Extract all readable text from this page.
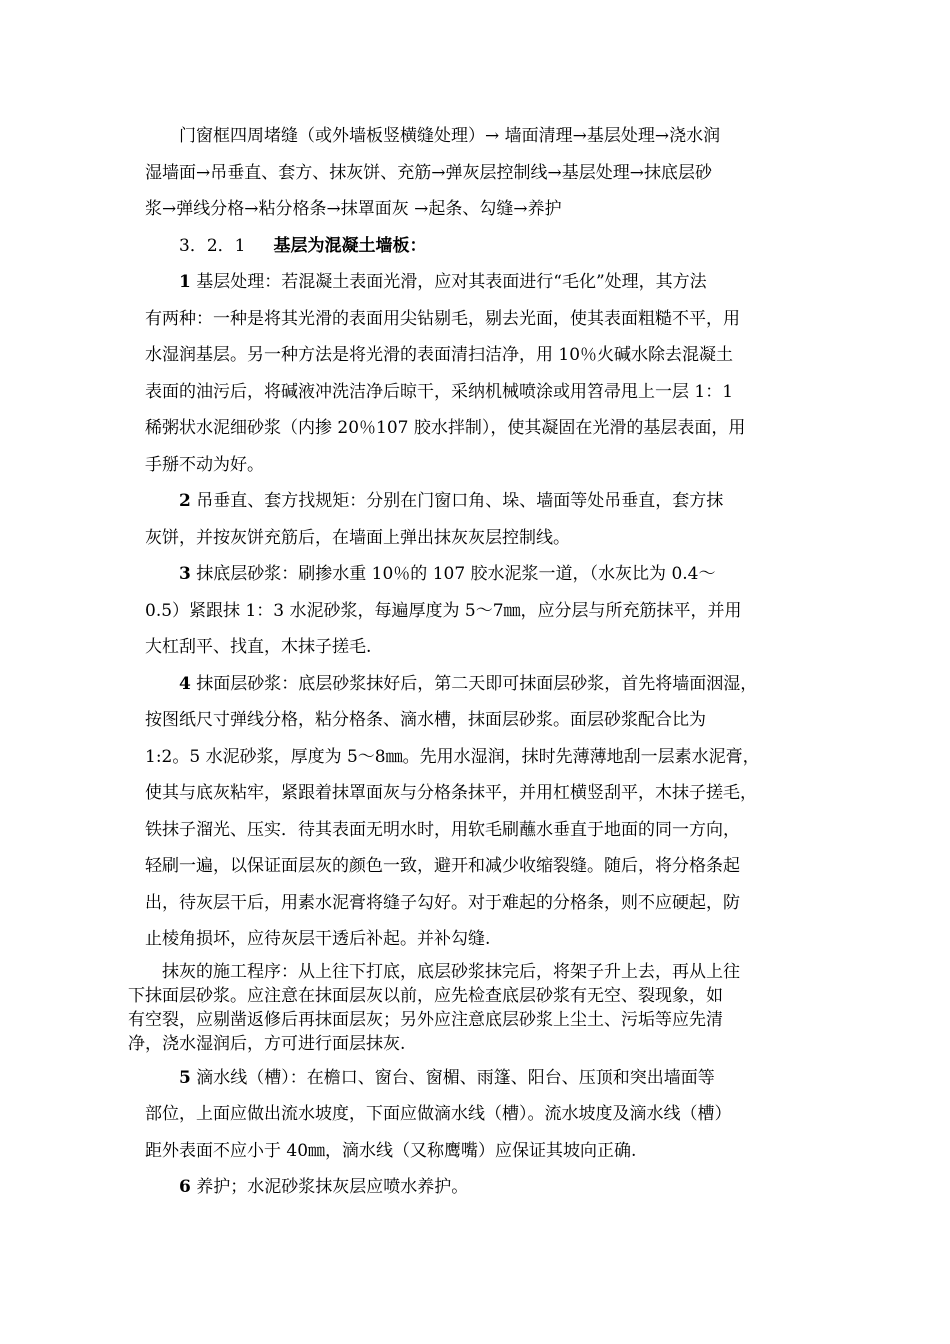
门窗框四周堵缝（或外墙板竖横缝处理）→ 墙面清理→基层处理→浇水润
湿墙面→吊垂直、套方、抹灰饼、充筋→弹灰层控制线→基层处理→抹底层砂
浆→弹线分格→粘分格条→抹罩面灰 →起条、勾缝→养护

3．2．1 基层为混凝土墙板：

1 基层处理：若混凝土表面光滑，应对其表面进行“毛化”处理，其方法
有两种：一种是将其光滑的表面用尖钻剔毛，剔去光面，使其表面粗糙不平，用
水湿润基层。另一种方法是将光滑的表面清扫洁净，用 10％火碱水除去混凝土
表面的油污后，将碱液冲洗洁净后晾干，采纳机械喷涂或用笤帚甩上一层 1：1
稀粥状水泥细砂浆（内掺 20％107 胶水拌制），使其凝固在光滑的基层表面，用
手掰不动为好。

2 吊垂直、套方找规矩：分别在门窗口角、垛、墙面等处吊垂直，套方抹
灰饼，并按灰饼充筋后，在墙面上弹出抹灰灰层控制线。

3 抹底层砂浆：刷掺水重 10％的 107 胶水泥浆一道，（水灰比为 0.4～
0.5）紧跟抹 1：3 水泥砂浆，每遍厚度为 5～7㎜，应分层与所充筋抹平，并用
大杠刮平、找直，木抹子搓毛.

4 抹面层砂浆：底层砂浆抹好后，第二天即可抹面层砂浆，首先将墙面洇湿，
按图纸尺寸弹线分格，粘分格条、滴水槽，抹面层砂浆。面层砂浆配合比为
1:2。5 水泥砂浆，厚度为 5～8㎜。先用水湿润，抹时先薄薄地刮一层素水泥膏，
使其与底灰粘牢，紧跟着抹罩面灰与分格条抹平，并用杠横竖刮平，木抹子搓毛，
铁抹子溜光、压实．待其表面无明水时，用软毛刷蘸水垂直于地面的同一方向，
轻刷一遍，以保证面层灰的颜色一致，避开和减少收缩裂缝。随后，将分格条起
出，待灰层干后，用素水泥膏将缝子勾好。对于难起的分格条，则不应硬起，防
止棱角损坏，应待灰层干透后补起。并补勾缝.

抹灰的施工程序：从上往下打底，底层砂浆抹完后，将架子升上去，再从上往
下抹面层砂浆。应注意在抹面层灰以前，应先检查底层砂浆有无空、裂现象，如
有空裂，应剔凿返修后再抹面层灰；另外应注意底层砂浆上尘土、污垢等应先清
净，浇水湿润后，方可进行面层抹灰.

5 滴水线（槽）：在檐口、窗台、窗楣、雨篷、阳台、压顶和突出墙面等
部位，上面应做出流水坡度，下面应做滴水线（槽）。流水坡度及滴水线（槽）
距外表面不应小于 40㎜，滴水线（又称鹰嘴）应保证其坡向正确.

6 养护；水泥砂浆抹灰层应喷水养护。
